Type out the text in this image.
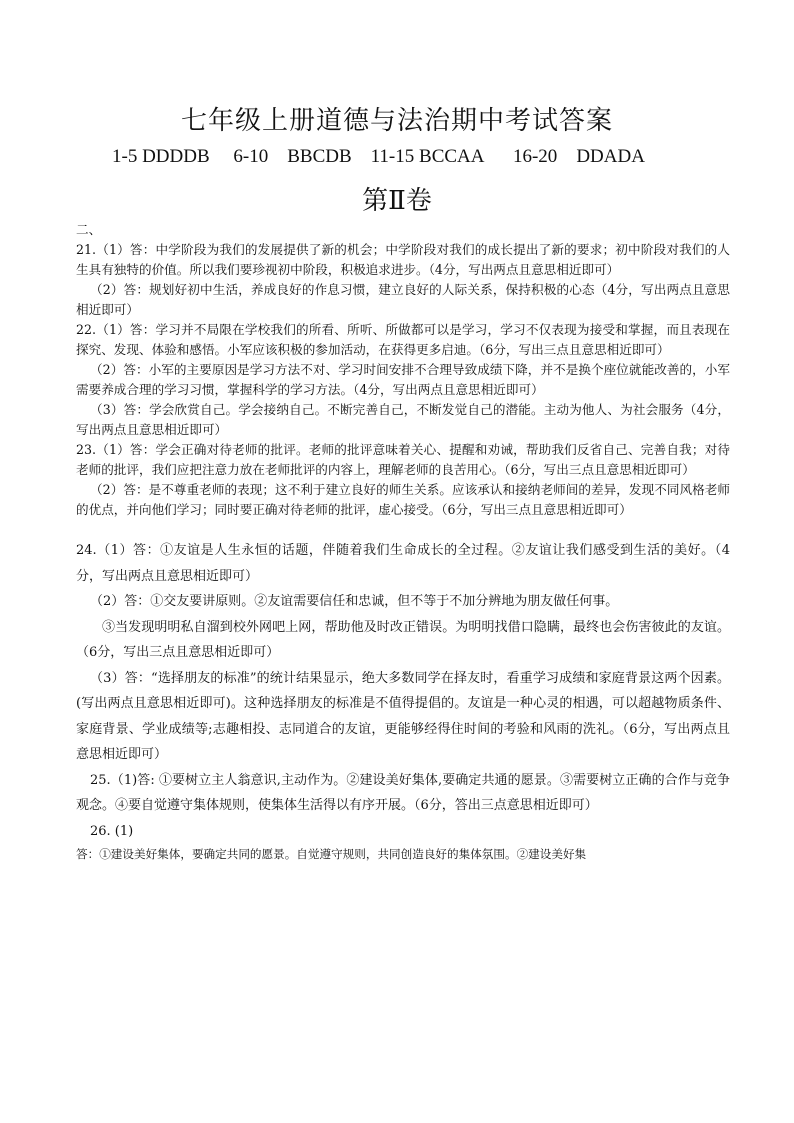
七年级上册道德与法治期中考试答案
1-5 DDDDB 6-10 BBCDB 11-15 BCCAA 16-20 DDADA
第Ⅱ卷

二、

21.（1）答：中学阶段为我们的发展提供了新的机会；中学阶段对我们的成长提出了新的要求；初中阶段对我们的人生具有独特的价值。所以我们要珍视初中阶段，积极追求进步。（4分，写出两点且意思相近即可）

（2）答：规划好初中生活，养成良好的作息习惯，建立良好的人际关系，保持积极的心态（4分，写出两点且意思相近即可）

22.（1）答：学习并不局限在学校我们的所看、所听、所做都可以是学习，学习不仅表现为接受和掌握，而且表现在探究、发现、体验和感悟。小军应该积极的参加活动，在获得更多启迪。（6分，写出三点且意思相近即可）

（2）答：小军的主要原因是学习方法不对、学习时间安排不合理导致成绩下降，并不是换个座位就能改善的，小军需要养成合理的学习习惯，掌握科学的学习方法。（4分，写出两点且意思相近即可）

（3）答：学会欣赏自己。学会接纳自己。不断完善自己，不断发觉自己的潜能。主动为他人、为社会服务（4分，写出两点且意思相近即可）

23.（1）答：学会正确对待老师的批评。老师的批评意味着关心、提醒和劝诫，帮助我们反省自己、完善自我；对待老师的批评，我们应把注意力放在老师批评的内容上，理解老师的良苦用心。（6分，写出三点且意思相近即可）

（2）答：是不尊重老师的表现；这不利于建立良好的师生关系。应该承认和接纳老师间的差异，发现不同风格老师的优点，并向他们学习；同时要正确对待老师的批评，虚心接受。（6分，写出三点且意思相近即可）

24.（1）答：①友谊是人生永恒的话题，伴随着我们生命成长的全过程。②友谊让我们感受到生活的美好。（4分，写出两点且意思相近即可）

（2）答：①交友要讲原则。②友谊需要信任和忠诚，但不等于不加分辨地为朋友做任何事。

③当发现明明私自溜到校外网吧上网，帮助他及时改正错误。为明明找借口隐瞒，最终也会伤害彼此的友谊。（6分，写出三点且意思相近即可）

（3）答：“选择朋友的标准”的统计结果显示，绝大多数同学在择友时，看重学习成绩和家庭背景这两个因素。(写出两点且意思相近即可)。这种选择朋友的标准是不值得提倡的。友谊是一种心灵的相遇，可以超越物质条件、家庭背景、学业成绩等;志趣相投、志同道合的友谊，更能够经得住时间的考验和风雨的洗礼。（6分，写出两点且意思相近即可）

25.（1)答: ①要树立主人翁意识,主动作为。②建设美好集体,要确定共通的愿景。③需要树立正确的合作与竞争观念。④要自觉遵守集体规则，使集体生活得以有序开展。（6分，答出三点意思相近即可）

26. (1)

答：①建设美好集体，要确定共同的愿景。自觉遵守规则，共同创造良好的集体氛围。②建设美好集
